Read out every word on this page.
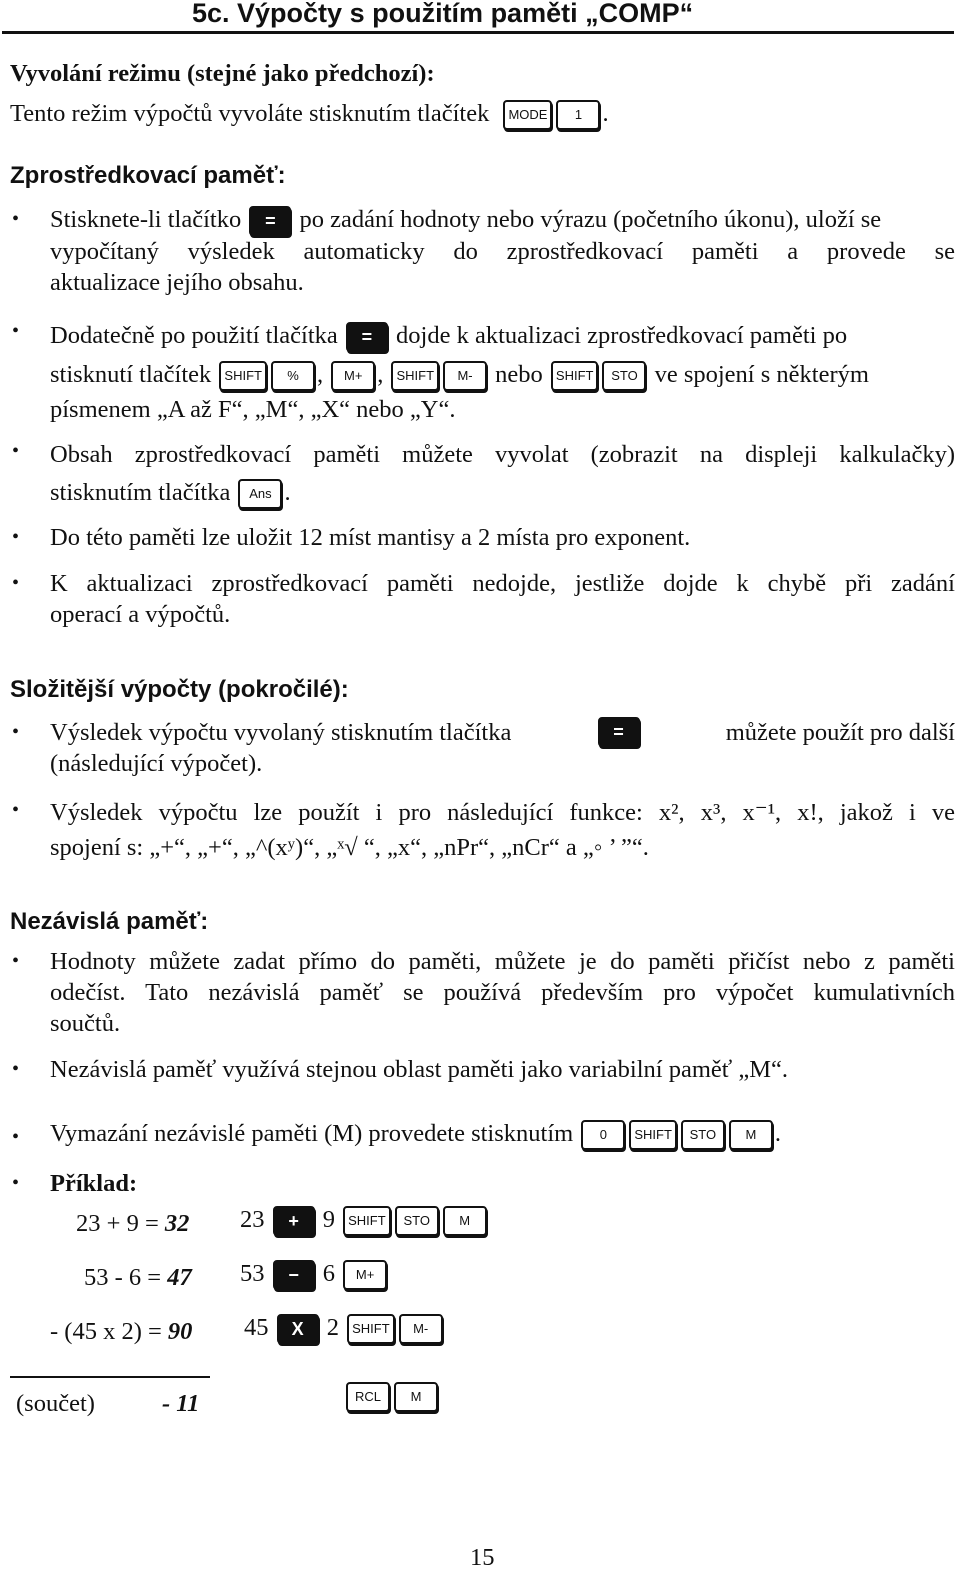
5c. Výpočty s použitím paměti „COMP“
Vyvolání režimu (stejné jako předchozí):
Tento režim výpočtů vyvoláte stisknutím tlačítek MODE 1 .
Zprostředkovací paměť:
• Stisknete-li tlačítko = po zadání hodnoty nebo výrazu (početního úkonu), uloží se
vypočítaný výsledek automaticky do zprostředkovací paměti a provede se
aktualizace jejího obsahu.
• Dodatečně po použití tlačítka = dojde k aktualizaci zprostředkovací paměti po
stisknutí tlačítek SHIFT % , M+ , SHIFT M- nebo SHIFT STO ve spojení s některým
písmenem „A až F“, „M“, „X“ nebo „Y“.
• Obsah zprostředkovací paměti můžete vyvolat (zobrazit na displeji kalkulačky)
stisknutím tlačítka Ans .
• Do této paměti lze uložit 12 míst mantisy a 2 místa pro exponent.
• K aktualizaci zprostředkovací paměti nedojde, jestliže dojde k chybě při zadání
operací a výpočtů.
Složitější výpočty (pokročilé):
• Výsledek výpočtu vyvolaný stisknutím tlačítka	=	můžete použít pro další
(následující výpočet).
• Výsledek výpočtu lze použít i pro následující funkce: x², x³, x⁻¹, x!, jakož i ve
spojení s: „+“, „+“, „^(xʸ)“, „ˣ√ “, „x“, „nPr“, „nCr“ a „◦ ’ ”“.
Nezávislá paměť:
• Hodnoty můžete zadat přímo do paměti, můžete je do paměti přičíst nebo z paměti
odečíst. Tato nezávislá paměť se používá především pro výpočet kumulativních
součtů.
• Nezávislá paměť využívá stejnou oblast paměti jako variabilní paměť „M“.
• Vymazání nezávislé paměti (M) provedete stisknutím 0 SHIFT STO M .
• Příklad:
23 + 9 = 32 23 + 9 SHIFT STO M
53 - 6 = 47 53 − 6 M+
- (45 x 2) = 90 45 X 2 SHIFT M-
(součet)	- 11	RCL M
15
